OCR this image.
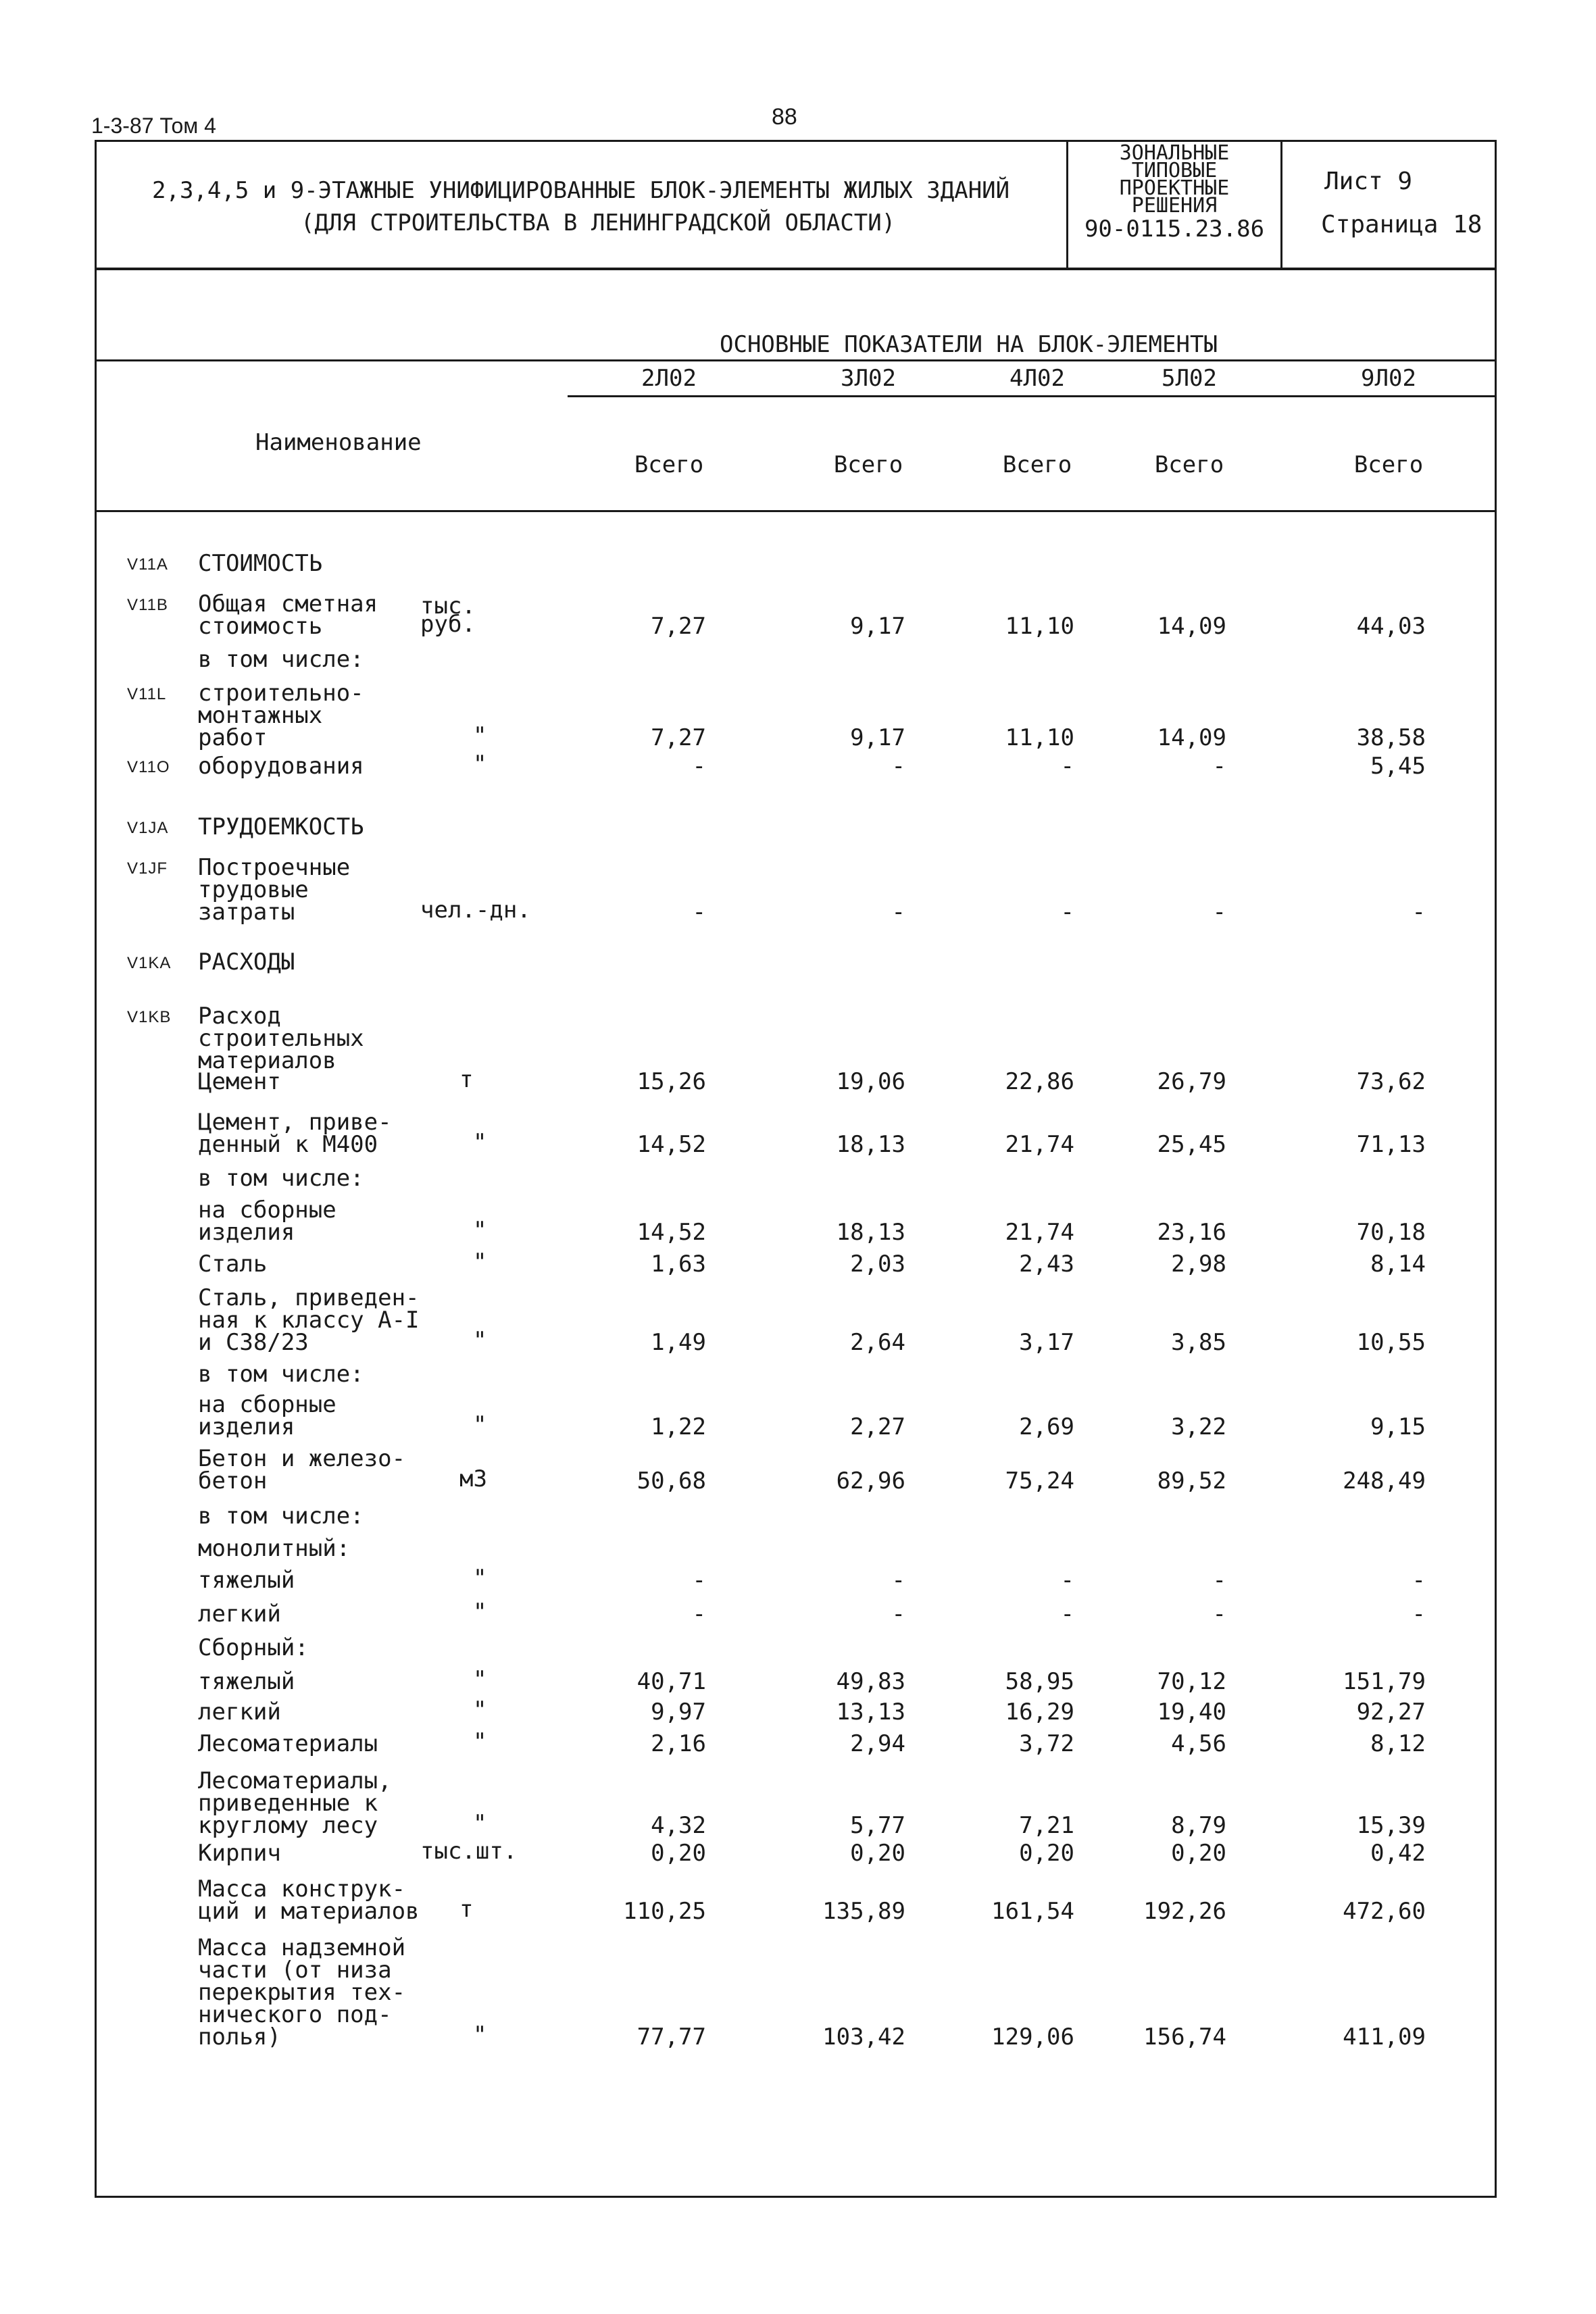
1-3-87 Том 4	88
2,3,4,5 и 9-ЭТАЖНЫЕ УНИФИЦИРОВАННЫЕ БЛОК-ЭЛЕМЕНТЫ ЖИЛЫХ ЗДАНИЙ
(ДЛЯ СТРОИТЕЛЬСТВА В ЛЕНИНГРАДСКОЙ ОБЛАСТИ)
ЗОНАЛЬНЫЕ
ТИПОВЫЕ
ПРОЕКТНЫЕ
РЕШЕНИЯ
90-0115.23.86
Лист 9
Страница 18
ОСНОВНЫЕ ПОКАЗАТЕЛИ НА БЛОК-ЭЛЕМЕНТЫ
Наименование
2Л02
Всего
3Л02
Всего
4Л02
Всего
5Л02
Всего
9Л02
Всего
V11A СТОИМОСТЬ
V11B Общая сметная
стоимость
тыс.
руб.	7,27	9,17	11,10	14,09	44,03
в том числе:
V11L строительно-
монтажных
работ	"	7,27	9,17	11,10	14,09	38,58
V11O оборудования	"	-	-	-	-	5,45
V1JA ТРУДОЕМКОСТЬ
V1JF Построечные
трудовые
затраты	чел.-дн.	-	-	-	-	-
V1KA РАСХОДЫ
V1KB Расход
строительных
материалов
Цемент	т	15,26	19,06	22,86	26,79	73,62
Цемент, приве-
денный к М400	"	14,52	18,13	21,74	25,45	71,13
в том числе:
на сборные
изделия	"	14,52	18,13	21,74	23,16	70,18
Сталь	"	1,63	2,03	2,43	2,98	8,14
Сталь, приведен-
ная к классу А-I
и С38/23	"	1,49	2,64	3,17	3,85	10,55
в том числе:
на сборные
изделия	"	1,22	2,27	2,69	3,22	9,15
Бетон и железо-
бетон	м3	50,68	62,96	75,24	89,52	248,49
в том числе:
монолитный:
тяжелый	"	-	-	-	-	-
легкий	"	-	-	-	-	-
Сборный:
тяжелый	"	40,71	49,83	58,95	70,12	151,79
легкий	"	9,97	13,13	16,29	19,40	92,27
Лесоматериалы	"	2,16	2,94	3,72	4,56	8,12
Лесоматериалы,
приведенные к
круглому лесу	"	4,32	5,77	7,21	8,79	15,39
Кирпич	тыс.шт.	0,20	0,20	0,20	0,20	0,42
Масса конструк-
ций и материалов т	110,25	135,89	161,54	192,26	472,60
Масса надземной
части (от низа
перекрытия тех-
нического под-
полья)	"	77,77	103,42	129,06	156,74	411,09
